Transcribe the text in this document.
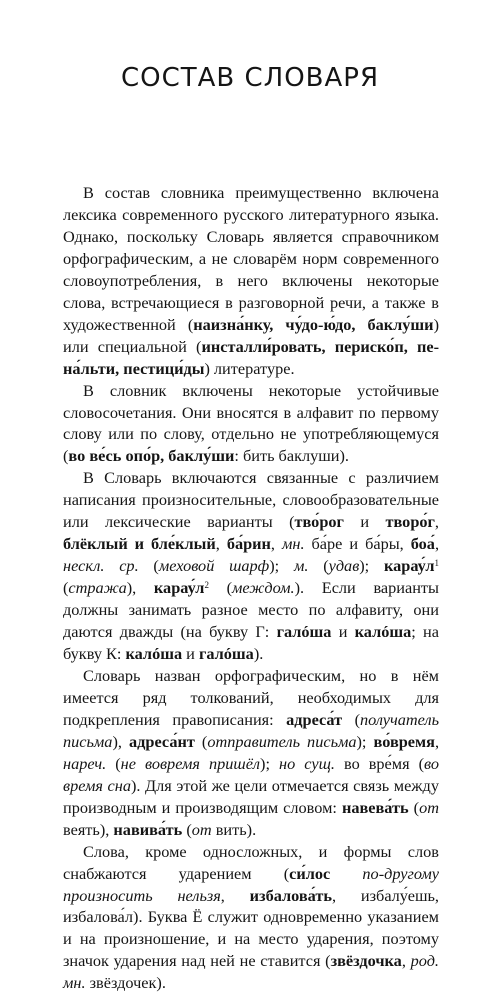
СОСТАВ СЛОВАРЯ

В состав словника преимущественно включена лексика современного русского литературного языка. Однако, поскольку Словарь является справочником орфографическим, а не словарём норм современного словоупотребления, в него включены некоторые слова, встречающиеся в разговорной речи, а также в художественной (наизна́нку, чу́до-ю́до, баклу́ши) или специальной (инсталли́ровать, периско́п, пена́льти, пестици́ды) литературе.

В словник включены некоторые устойчивые словосочетания. Они вносятся в алфавит по первому слову или по слову, отдельно не употребляющемуся (во ве́сь опо́р, баклу́ши: бить баклуши).

В Словарь включаются связанные с различием написания произносительные, словообразовательные или лексические варианты (тво́рог и творо́г, блёклый и бле́клый, ба́рин, мн. ба́ре и ба́ры, боа́, нескл. ср. (меховой шарф); м. (удав); $карау́л^1$ (стража), $карау́л^2$ (междом.). Если варианты должны занимать разное место по алфавиту, они даются дважды (на букву Г: галóша и калóша; на букву К: калóша и галóша).

Словарь назван орфографическим, но в нём имеется ряд толкований, необходимых для подкрепления правописания: адреса́т (получатель письма), адреса́нт (отправитель письма); во́время, нареч. (не вовремя пришёл); но сущ. во вре́мя (во время сна). Для этой же цели отмечается связь между производным и производящим словом: навева́ть (от веять), навива́ть (от вить).

Слова, кроме односложных, и формы слов снабжаются ударением (си́лос по-другому произносить нельзя, избалова́ть, избалу́ешь, избалова́л). Буква Ё служит одновременно указанием и на произношение, и на место ударения, поэтому значок ударения над ней не ставится (звёздочка, род. мн. звёздочек).
